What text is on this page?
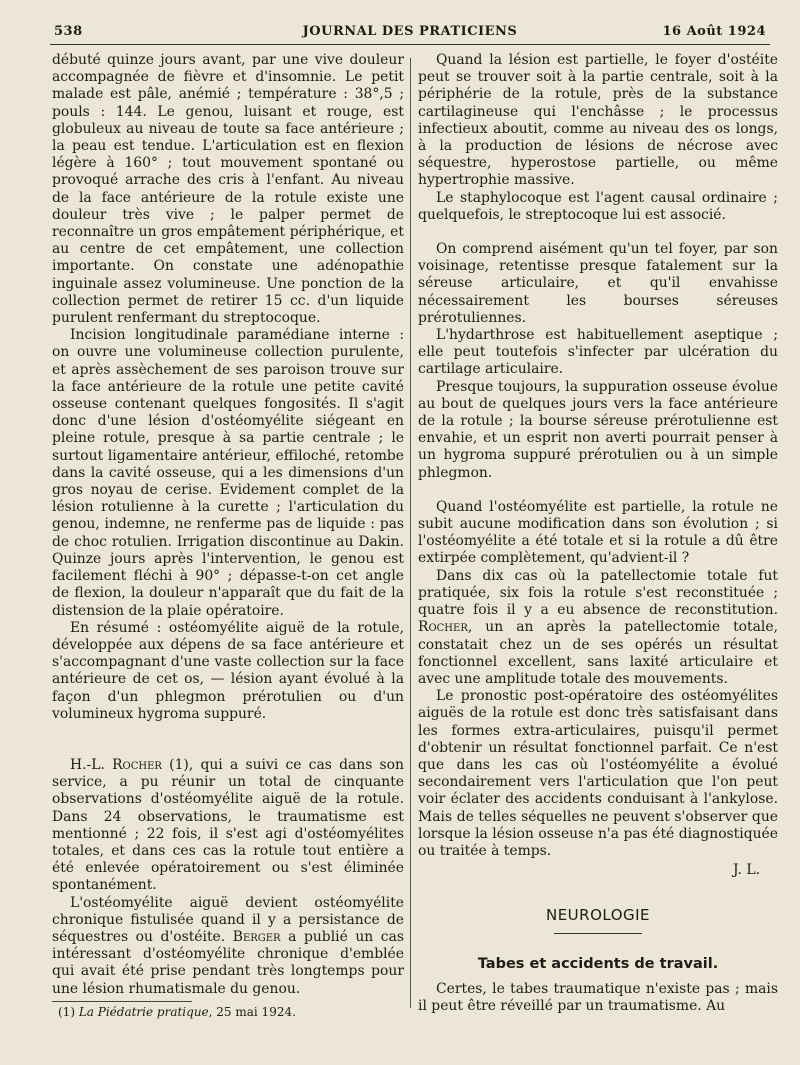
538	JOURNAL DES PRATICIENS	16 Août 1924

débuté quinze jours avant, par une vive douleur accompagnée de fièvre et d'insomnie. Le petit malade est pâle, anémié ; température : 38°,5 ; pouls : 144. Le genou, luisant et rouge, est globuleux au niveau de toute sa face antérieure ; la peau est tendue. L'articulation est en flexion légère à 160° ; tout mouvement spontané ou provoqué arrache des cris à l'enfant. Au niveau de la face antérieure de la rotule existe une douleur très vive ; le palper permet de reconnaître un gros empâtement périphérique, et au centre de cet empâtement, une collection importante. On constate une adénopathie inguinale assez volumineuse. Une ponction de la collection permet de retirer 15 cc. d'un liquide purulent renfermant du streptocoque.

Incision longitudinale paramédiane interne : on ouvre une volumineuse collection purulente, et après assèchement de ses paroison trouve sur la face antérieure de la rotule une petite cavité osseuse contenant quelques fongosités. Il s'agit donc d'une lésion d'ostéomyélite siégeant en pleine rotule, presque à sa partie centrale ; le surtout ligamentaire antérieur, effiloché, retombe dans la cavité osseuse, qui a les dimensions d'un gros noyau de cerise. Evidement complet de la lésion rotulienne à la curette ; l'articulation du genou, indemne, ne renferme pas de liquide : pas de choc rotulien. Irrigation discontinue au Dakin. Quinze jours après l'intervention, le genou est facilement fléchi à 90° ; dépasse-t-on cet angle de flexion, la douleur n'apparaît que du fait de la distension de la plaie opératoire.

En résumé : ostéomyélite aiguë de la rotule, développée aux dépens de sa face antérieure et s'accompagnant d'une vaste collection sur la face antérieure de cet os, — lésion ayant évolué à la façon d'un phlegmon prérotulien ou d'un volumineux hygroma suppuré.

H.-L. Rocher (1), qui a suivi ce cas dans son service, a pu réunir un total de cinquante observations d'ostéomyélite aiguë de la rotule. Dans 24 observations, le traumatisme est mentionné ; 22 fois, il s'est agi d'ostéomyélites totales, et dans ces cas la rotule tout entière a été enlevée opératoirement ou s'est éliminée spontanément.

L'ostéomyélite aiguë devient ostéomyélite chronique fistulisée quand il y a persistance de séquestres ou d'ostéite. Berger a publié un cas intéressant d'ostéomyélite chronique d'emblée qui avait été prise pendant très longtemps pour une lésion rhumatismale du genou.

(1) La Piédatrie pratique, 25 mai 1924.

Quand la lésion est partielle, le foyer d'ostéite peut se trouver soit à la partie centrale, soit à la périphérie de la rotule, près de la substance cartilagineuse qui l'enchâsse ; le processus infectieux aboutit, comme au niveau des os longs, à la production de lésions de nécrose avec séquestre, hyperostose partielle, ou même hypertrophie massive.

Le staphylocoque est l'agent causal ordinaire ; quelquefois, le streptocoque lui est associé.

On comprend aisément qu'un tel foyer, par son voisinage, retentisse presque fatalement sur la séreuse articulaire, et qu'il envahisse nécessairement les bourses séreuses prérotuliennes.

L'hydarthrose est habituellement aseptique ; elle peut toutefois s'infecter par ulcération du cartilage articulaire.

Presque toujours, la suppuration osseuse évolue au bout de quelques jours vers la face antérieure de la rotule ; la bourse séreuse prérotulienne est envahie, et un esprit non averti pourrait penser à un hygroma suppuré prérotulien ou à un simple phlegmon.

Quand l'ostéomyélite est partielle, la rotule ne subit aucune modification dans son évolution ; si l'ostéomyélite a été totale et si la rotule a dû être extirpée complètement, qu'advient-il ?

Dans dix cas où la patellectomie totale fut pratiquée, six fois la rotule s'est reconstituée ; quatre fois il y a eu absence de reconstitution. Rocher, un an après la patellectomie totale, constatait chez un de ses opérés un résultat fonctionnel excellent, sans laxité articulaire et avec une amplitude totale des mouvements.

Le pronostic post-opératoire des ostéomyélites aiguës de la rotule est donc très satisfaisant dans les formes extra-articulaires, puisqu'il permet d'obtenir un résultat fonctionnel parfait. Ce n'est que dans les cas où l'ostéomyélite a évolué secondairement vers l'articulation que l'on peut voir éclater des accidents conduisant à l'ankylose. Mais de telles séquelles ne peuvent s'observer que lorsque la lésion osseuse n'a pas été diagnostiquée ou traitée à temps.

J. L.
NEUROLOGIE
Tabes et accidents de travail.

Certes, le tabes traumatique n'existe pas ; mais il peut être réveillé par un traumatisme. Au
